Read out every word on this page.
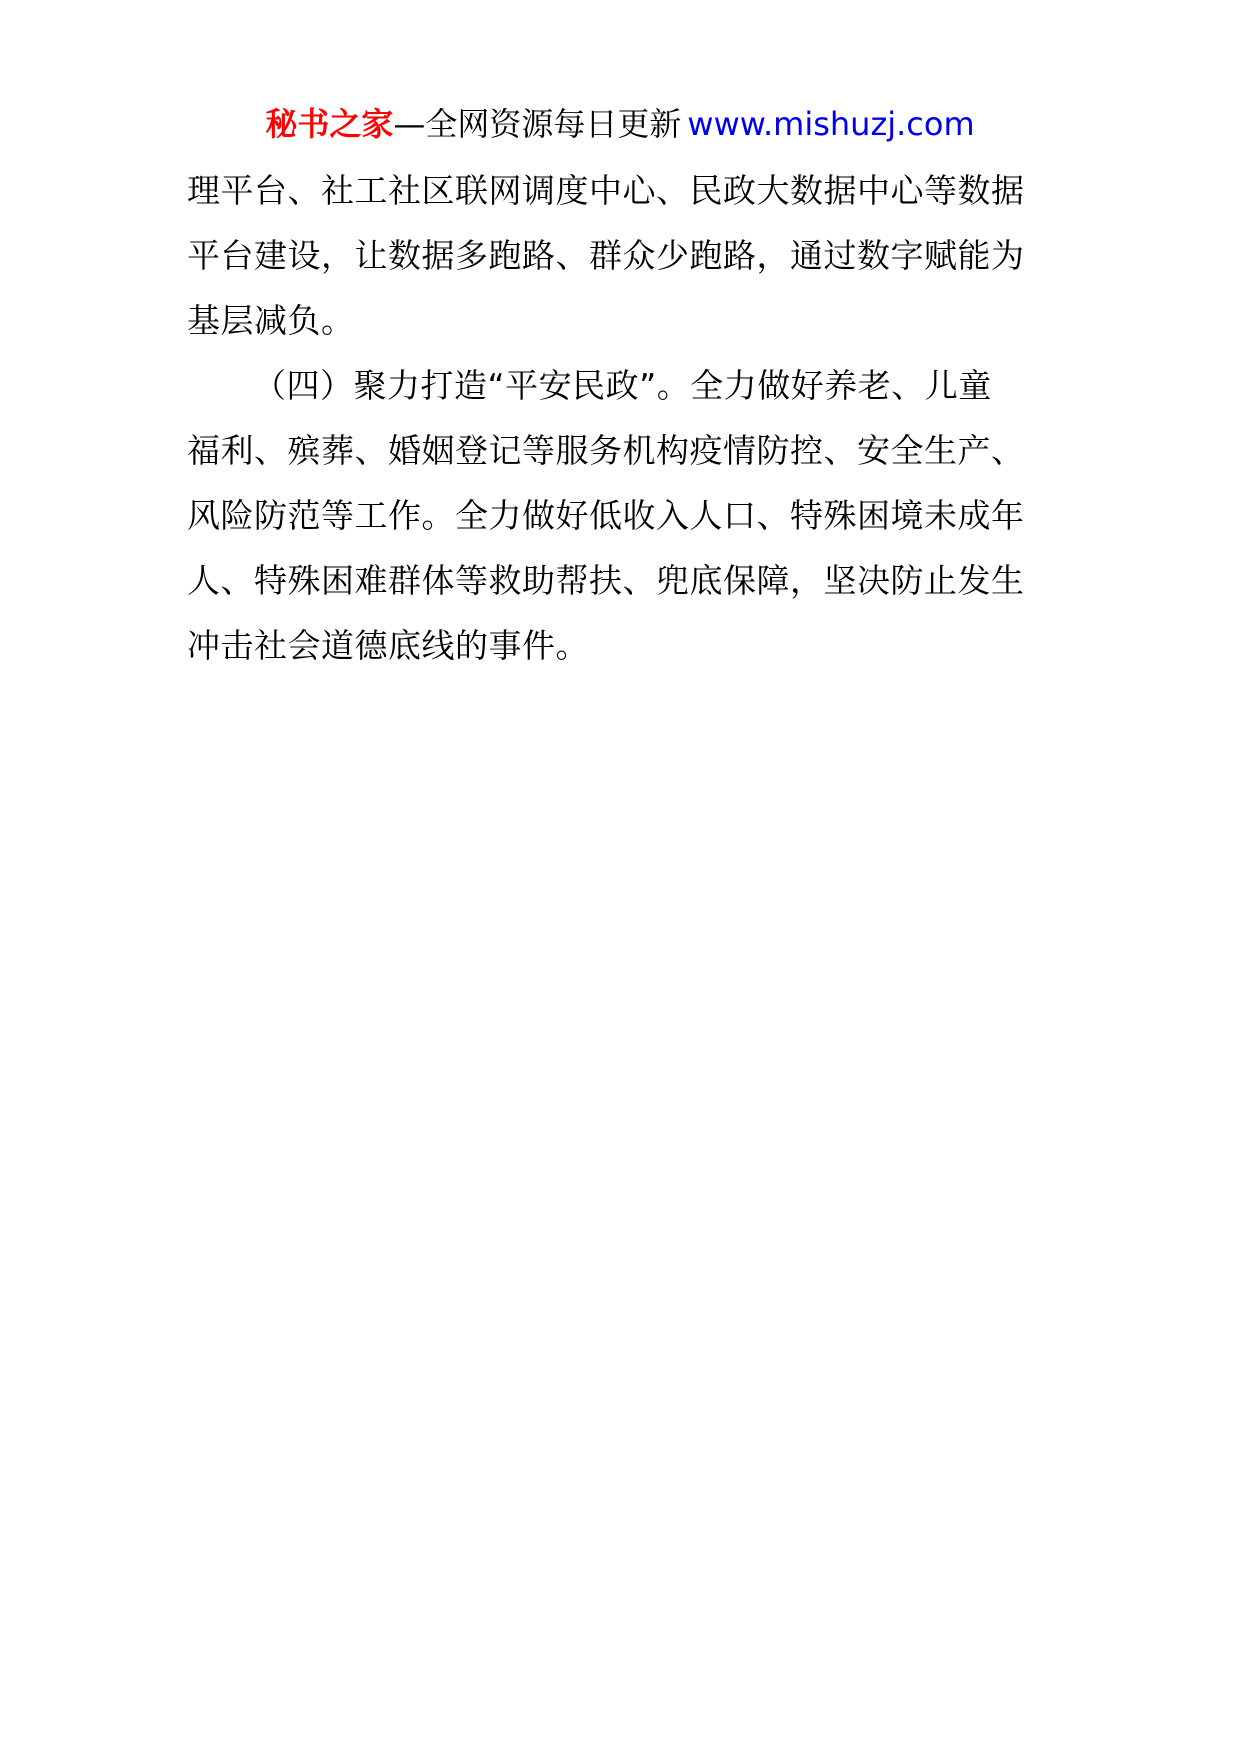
秘书之家—全网资源每日更新 www.mishuzj.com
理平台、社工社区联网调度中心、民政大数据中心等数据
平台建设，让数据多跑路、群众少跑路，通过数字赋能为
基层减负。
（四）聚力打造“平安民政”。全力做好养老、儿童
福利、殡葬、婚姻登记等服务机构疫情防控、安全生产、
风险防范等工作。全力做好低收入人口、特殊困境未成年
人、特殊困难群体等救助帮扶、兜底保障，坚决防止发生
冲击社会道德底线的事件。
